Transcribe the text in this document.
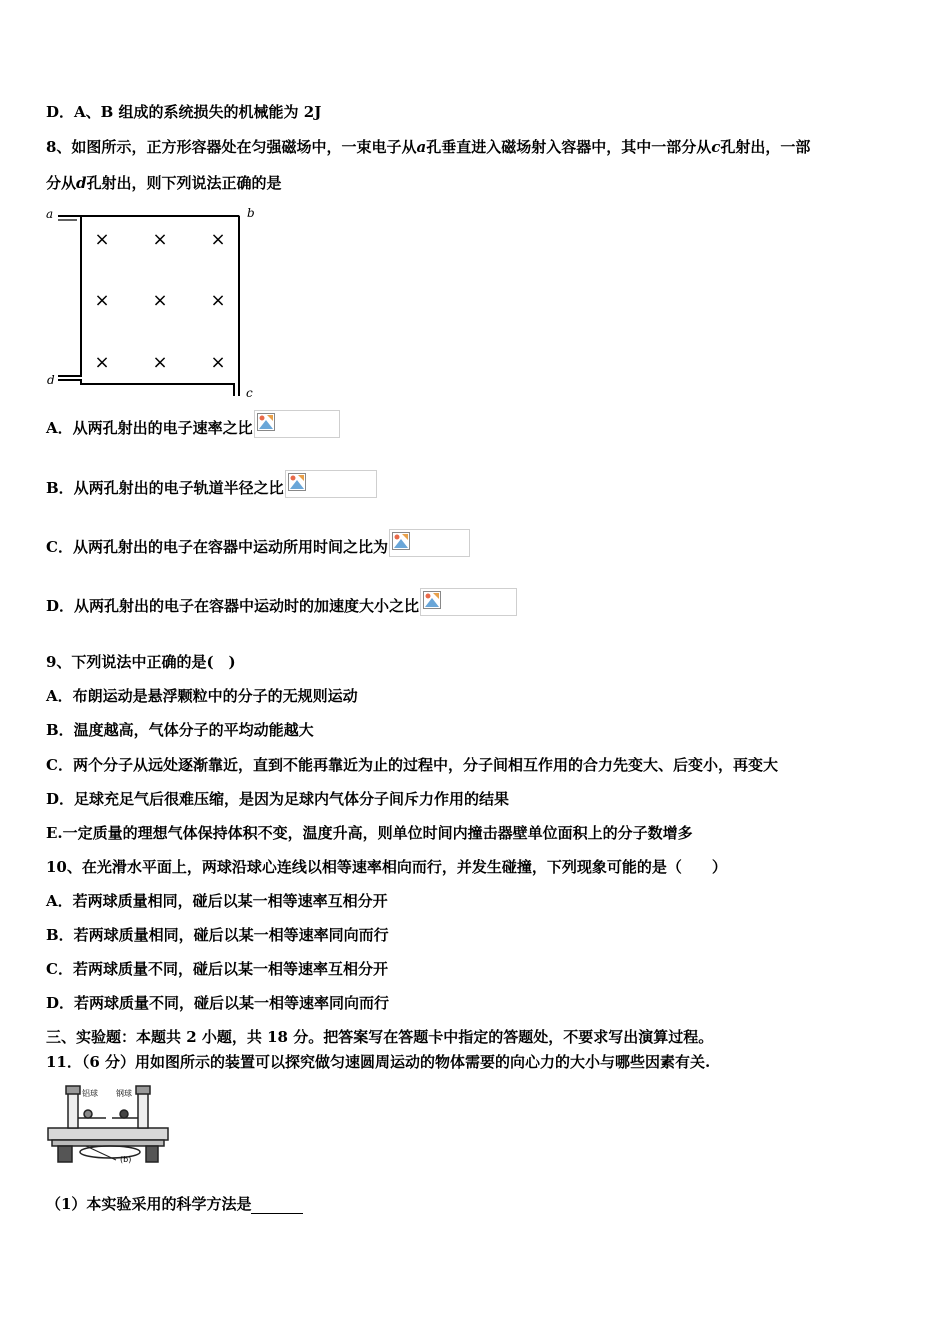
D．A、B 组成的系统损失的机械能为 2J
8、如图所示，正方形容器处在匀强磁场中，一束电子从a孔垂直进入磁场射入容器中，其中一部分从c孔射出，一部
分从d孔射出，则下列说法正确的是
a	b
c
d
× × ×
× × ×
× × ×
A．从两孔射出的电子速率之比
B．从两孔射出的电子轨道半径之比
C．从两孔射出的电子在容器中运动所用时间之比为
D．从两孔射出的电子在容器中运动时的加速度大小之比
9、下列说法中正确的是(　)
A．布朗运动是悬浮颗粒中的分子的无规则运动
B．温度越高，气体分子的平均动能越大
C．两个分子从远处逐渐靠近，直到不能再靠近为止的过程中，分子间相互作用的合力先变大、后变小，再变大
D．足球充足气后很难压缩，是因为足球内气体分子间斥力作用的结果
E.一定质量的理想气体保持体积不变，温度升高，则单位时间内撞击器壁单位面积上的分子数增多
10、在光滑水平面上，两球沿球心连线以相等速率相向而行，并发生碰撞，下列现象可能的是（　　）
A．若两球质量相同，碰后以某一相等速率互相分开
B．若两球质量相同，碰后以某一相等速率同向而行
C．若两球质量不同，碰后以某一相等速率互相分开
D．若两球质量不同，碰后以某一相等速率同向而行
三、实验题：本题共 2 小题，共 18 分。把答案写在答题卡中指定的答题处，不要求写出演算过程。
11．（6 分）用如图所示的装置可以探究做匀速圆周运动的物体需要的向心力的大小与哪些因素有关.
铝球 钢球
(b)
（1）本实验采用的科学方法是
